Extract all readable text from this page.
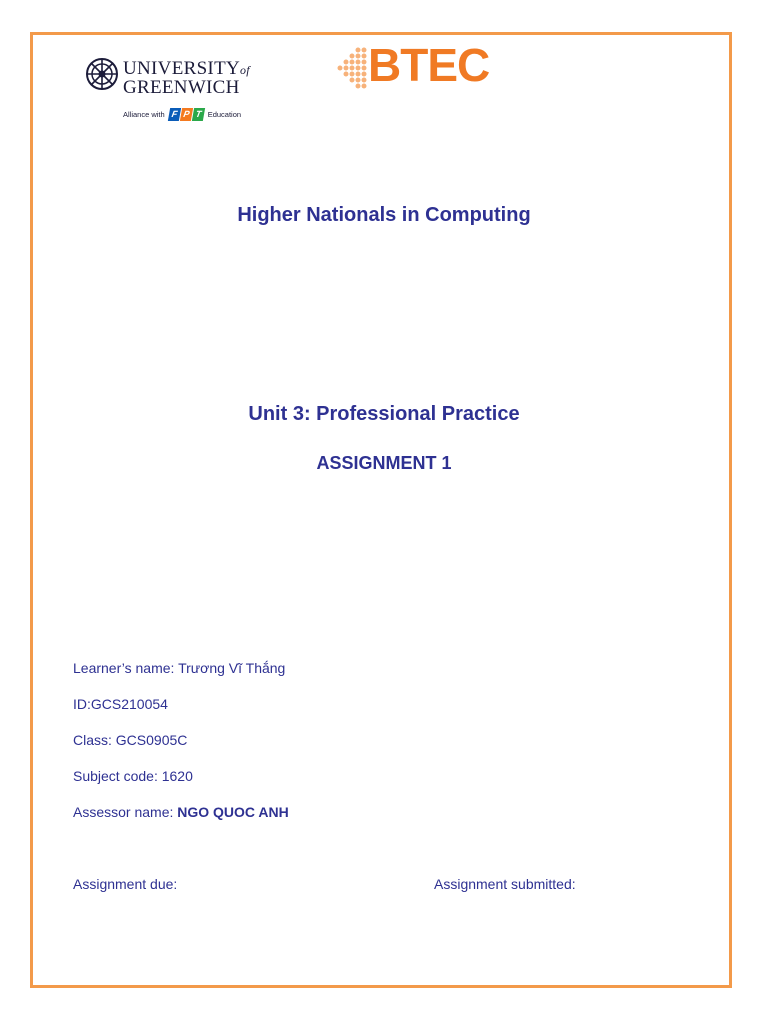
UNIVERSITYof
GREENWICH
Alliance with F P T Education
BTEC
Higher Nationals in Computing
Unit 3: Professional Practice
ASSIGNMENT 1
Learner’s name: Trương Vĩ Thắng
ID:GCS210054
Class: GCS0905C
Subject code: 1620
Assessor name: NGO QUOC ANH
Assignment due:	Assignment submitted:
